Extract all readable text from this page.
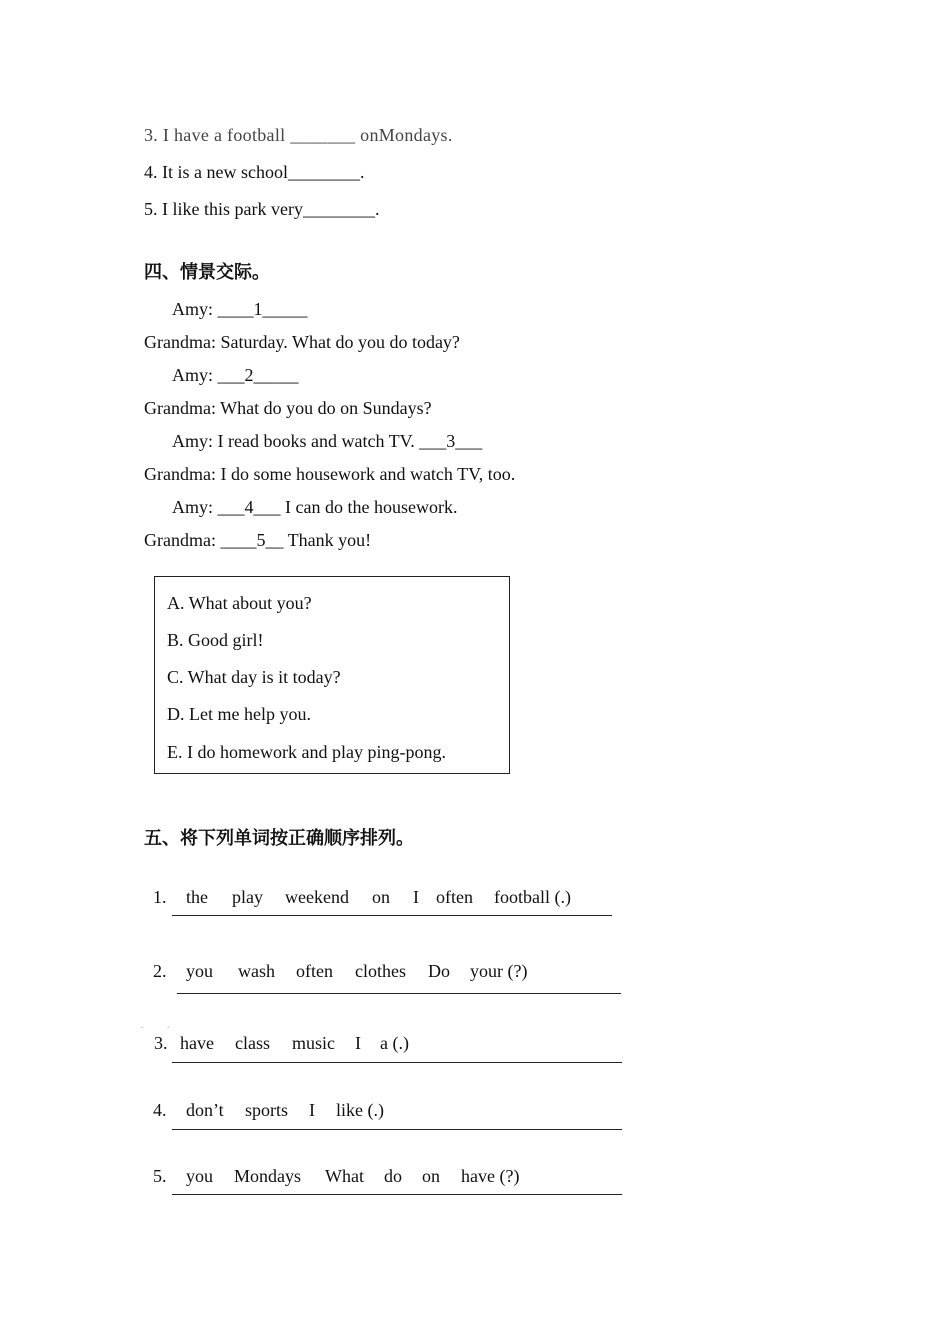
3. I have a football _______ onMondays.
4. It is a new school________.
5. I like this park very________.
四、情景交际。
Amy: ____1_____
Grandma: Saturday. What do you do today?
Amy: ___2_____
Grandma: What do you do on Sundays?
Amy: I read books and watch TV. ___3___
Grandma: I do some housework and watch TV, too.
Amy: ___4___ I can do the housework.
Grandma: ____5__ Thank you!
A. What about you?
B. Good girl!
C. What day is it today?
D. Let me help you.
E. I do homework and play ping-pong.
五、将下列单词按正确顺序排列。

1. the play weekend on I often football (.)

2. you wash often clothes Do your (?)

.	.

3. have class music I a (.)

4. don’t sports I like (.)

5. you Mondays What do on have (?)
